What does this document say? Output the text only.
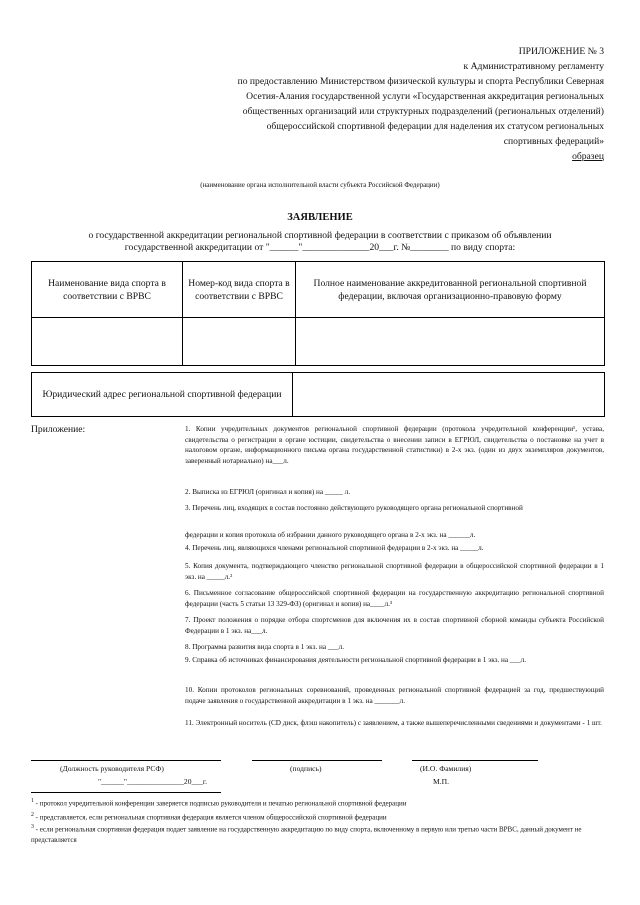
ПРИЛОЖЕНИЕ № 3
к Административному регламенту
по предоставлению Министерством физической культуры и спорта Республики Северная
Осетия-Алания государственной услуги «Государственная аккредитация региональных
общественных организаций или структурных подразделений (региональных отделений)
общероссийской спортивной федерации для наделения их статусом региональных
спортивных федераций»
образец
(наименование органа исполнительной власти субъекта Российской Федерации)
ЗАЯВЛЕНИЕ
о государственной аккредитации региональной спортивной федерации в соответствии с приказом об объявлении
государственной аккредитации от "______"______________20___г. №________ по виду спорта:
Наименование вида спорта в соответствии с ВРВС	Номер-код вида спорта в соответствии с ВРВС	Полное наименование аккредитованной региональной спортивной федерации, включая организационно-правовую форму

Юридический адрес региональной спортивной федерации	
Приложение:	1. Копии учредительных документов региональной спортивной федерации (протокола учредительной конференции¹, устава, свидетельства о регистрации в органе юстиции, свидетельства о внесении записи в ЕГРЮЛ, свидетельства о постановке на учет в налоговом органе, информационного письма органа государственной статистики) в 2-х экз. (один из двух экземпляров документов, заверенный нотариально) на___л.
2. Выписка из ЕГРЮЛ (оригинал и копия) на _____ л.
3. Перечень лиц, входящих в состав постоянно действующего руководящего органа региональной спортивной
федерации и копия протокола об избрании данного руководящего органа в 2-х экз. на ______л.
4. Перечень лиц, являющихся членами региональной спортивной федерации в 2-х экз. на _____л.
5. Копия документа, подтверждающего членство региональной спортивной федерации в общероссийской спортивной федерации в 1 экз. на _____л.²
6. Письменное согласование общероссийской спортивной федерации на государственную аккредитацию региональной спортивной федерации (часть 5 статьи 13 329-ФЗ) (оригинал и копия) на____л.³
7. Проект положения о порядке отбора спортсменов для включения их в состав спортивной сборной команды субъекта Российской Федерации в 1 экз. на___л.
8. Программа развития вида спорта в 1 экз. на ___л.
9. Справка об источниках финансирования деятельности региональной спортивной федерации в 1 экз. на ___л.
10. Копии протоколов региональных соревнований, проведенных региональной спортивной федерацией за год, предшествующий подаче заявления о государственной аккредитации в 1 экз. на _______л.
11. Электронный носитель (CD диск, флэш накопитель) с заявлением, а также вышеперечисленными сведениями и документами - 1 шт.
(Должность руководителя РСФ)	(подпись)	(И.О. Фамилия)
"______"_______________20___г.	М.П.
$^1$ - протокол учредительной конференции заверяется подписью руководителя и печатью региональной спортивной федерации
$^2$ - представляется, если региональная спортивная федерация является членом общероссийской спортивной федерации
$^3$ - если региональная спортивная федерация подает заявление на государственную аккредитацию по виду спорта, включенному в первую или третью части ВРВС, данный документ не представляется
